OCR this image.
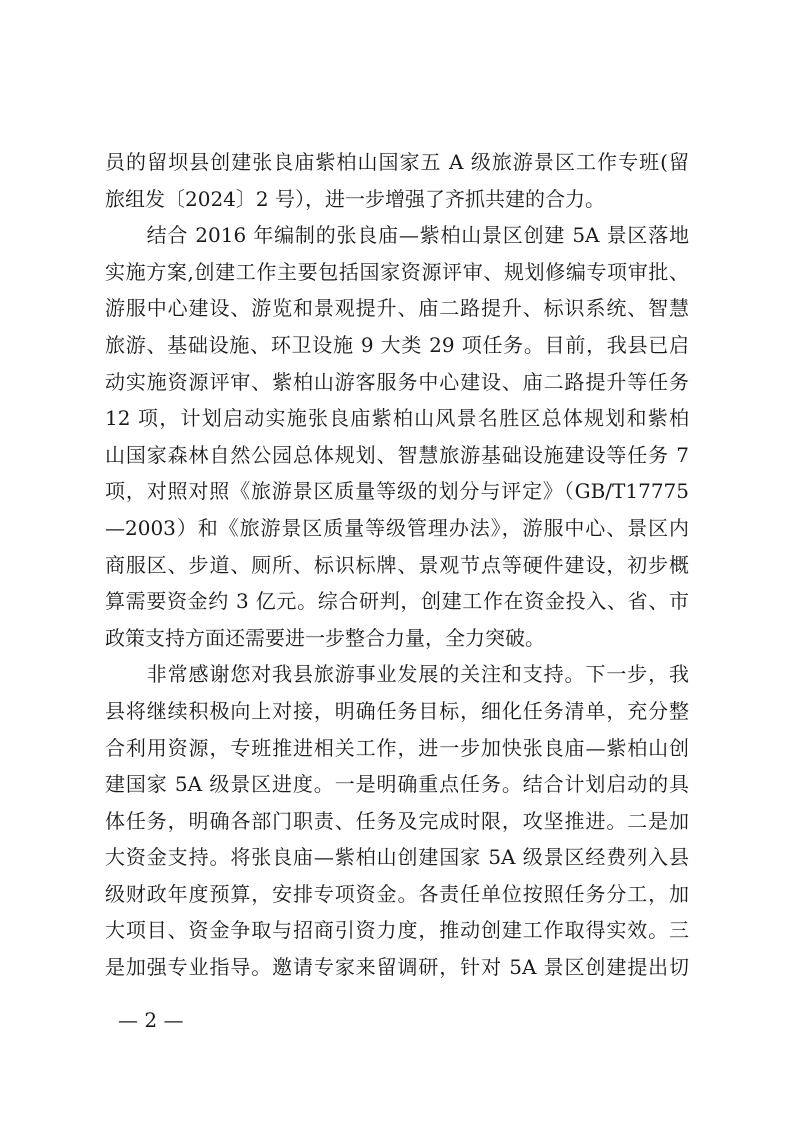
员的留坝县创建张良庙紫柏山国家五 A 级旅游景区工作专班(留
旅组发〔2024〕2 号），进一步增强了齐抓共建的合力。
　　结合 2016 年编制的张良庙—紫柏山景区创建 5A 景区落地
实施方案,创建工作主要包括国家资源评审、规划修编专项审批、
游服中心建设、游览和景观提升、庙二路提升、标识系统、智慧
旅游、基础设施、环卫设施 9 大类 29 项任务。目前，我县已启
动实施资源评审、紫柏山游客服务中心建设、庙二路提升等任务
12 项，计划启动实施张良庙紫柏山风景名胜区总体规划和紫柏
山国家森林自然公园总体规划、智慧旅游基础设施建设等任务 7
项，对照对照《旅游景区质量等级的划分与评定》（GB/T17775
—2003）和《旅游景区质量等级管理办法》，游服中心、景区内
商服区、步道、厕所、标识标牌、景观节点等硬件建设，初步概
算需要资金约 3 亿元。综合研判，创建工作在资金投入、省、市
政策支持方面还需要进一步整合力量，全力突破。
　　非常感谢您对我县旅游事业发展的关注和支持。下一步，我
县将继续积极向上对接，明确任务目标，细化任务清单，充分整
合利用资源，专班推进相关工作，进一步加快张良庙—紫柏山创
建国家 5A 级景区进度。一是明确重点任务。结合计划启动的具
体任务，明确各部门职责、任务及完成时限，攻坚推进。二是加
大资金支持。将张良庙—紫柏山创建国家 5A 级景区经费列入县
级财政年度预算，安排专项资金。各责任单位按照任务分工，加
大项目、资金争取与招商引资力度，推动创建工作取得实效。三
是加强专业指导。邀请专家来留调研，针对 5A 景区创建提出切
— 2 —
